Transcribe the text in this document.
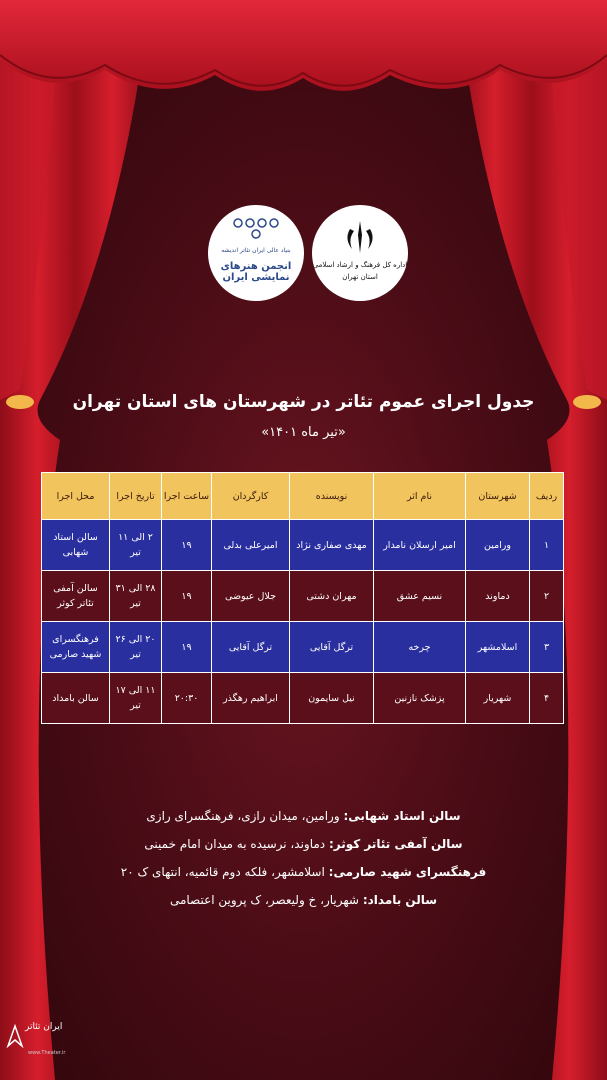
بنیاد عالی ایران تئاتر اندیشه
انجمن هنرهای نمایشی ایران
اداره کل فرهنگ و ارشاد اسلامی
استان تهران
جدول اجرای عموم تئاتر در شهرستان های استان تهران
«تیر ماه ۱۴۰۱»
ردیف	شهرستان	نام اثر	نویسنده	کارگردان	ساعت اجرا	تاریخ اجرا	محل اجرا
۱	ورامین	امیر ارسلان نامدار	مهدی صفاری نژاد	امیرعلی بدلی	۱۹	۲ الی ۱۱ تیر	سالن استاد شهابی
۲	دماوند	نسیم عشق	مهران دشتی	جلال عیوضی	۱۹	۲۸ الی ۳۱ تیر	سالن آمفی تئاتر کوثر
۳	اسلامشهر	چرخه	ترگل آقایی	ترگل آقایی	۱۹	۲۰ الی ۲۶ تیر	فرهنگسرای شهید صارمی
۴	شهریار	پزشک نازنین	نیل سایمون	ابراهیم رهگذر	۲۰:۳۰	۱۱ الی ۱۷ تیر	سالن بامداد
سالن استاد شهابی: ورامین، میدان رازی، فرهنگسرای رازی
سالن آمفی تئاتر کوثر: دماوند، نرسیده به میدان امام خمینی
فرهنگسرای شهید صارمی: اسلامشهر، فلکه دوم قائمیه، انتهای ک ۲۰
سالن بامداد: شهریار، خ ولیعصر، ک پروین اعتصامی
ایران تئاتر
www.Theater.ir
